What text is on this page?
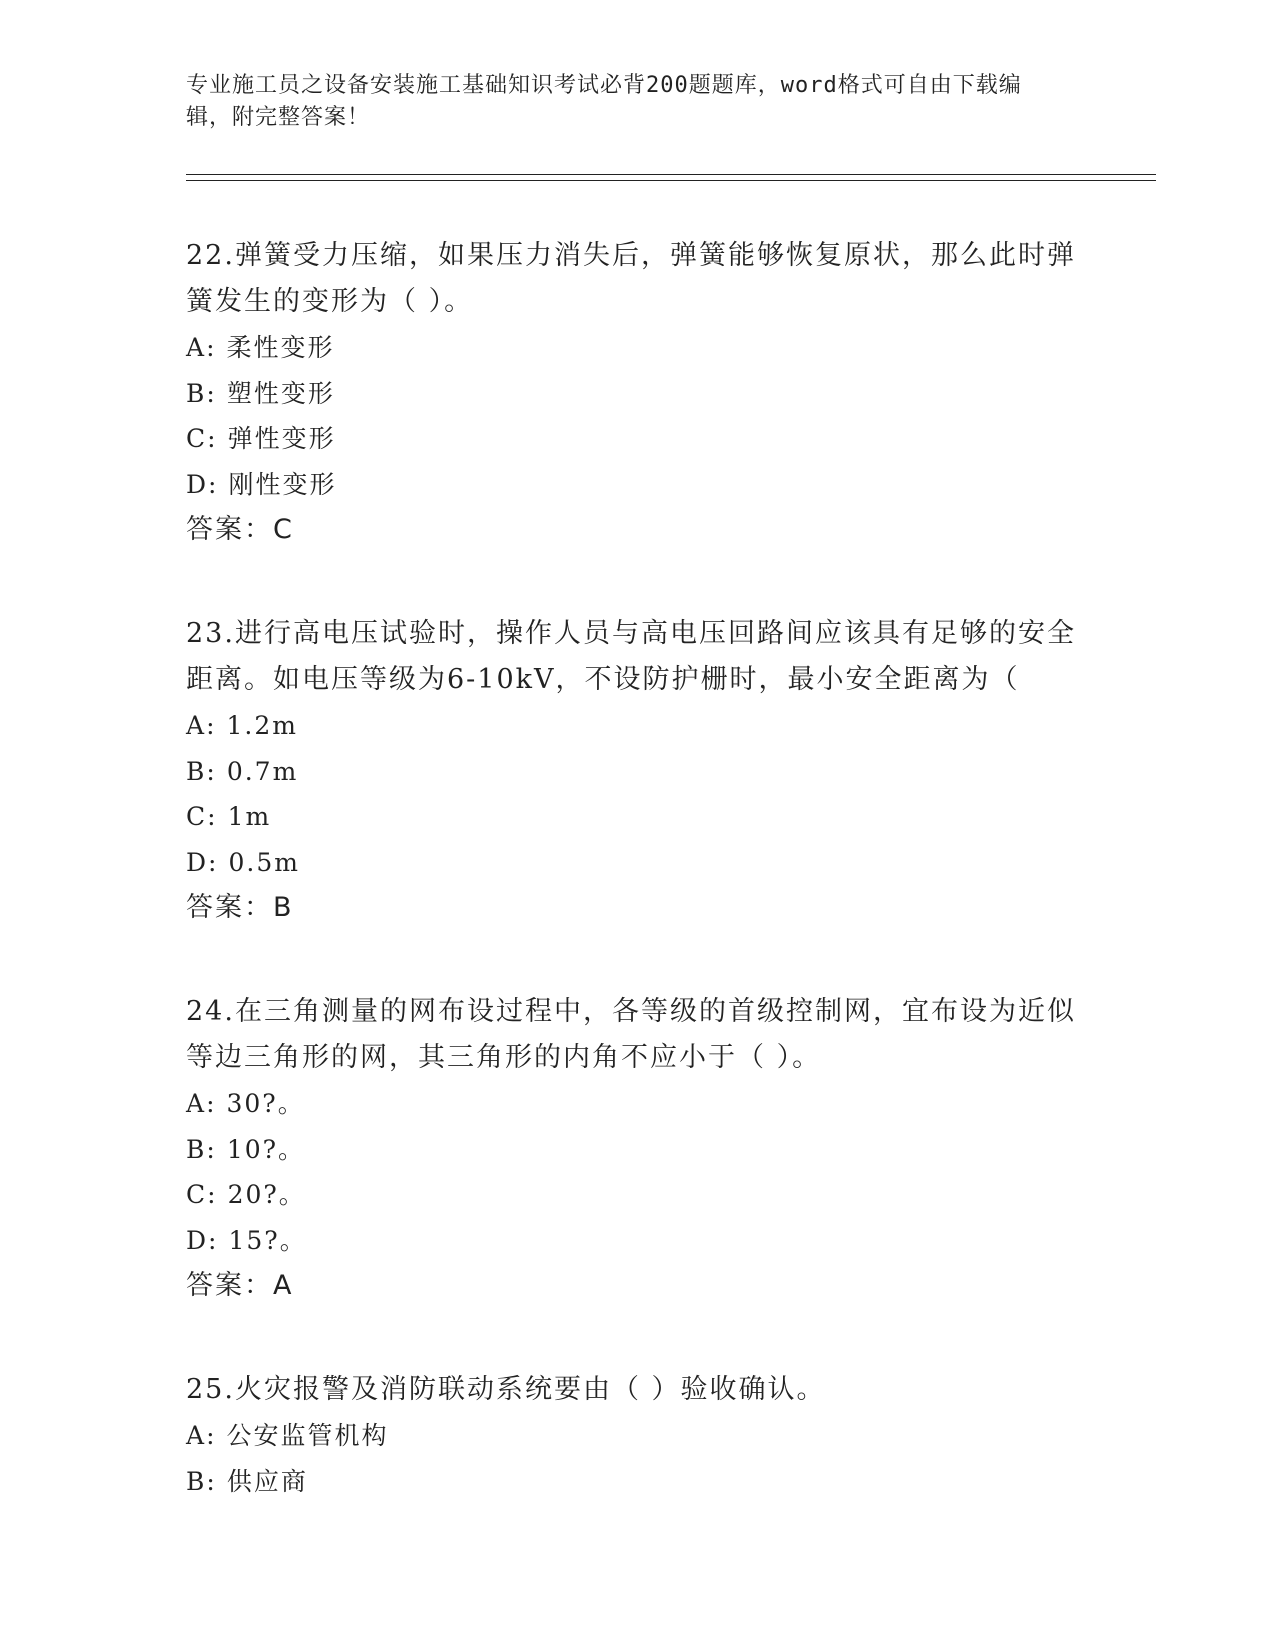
专业施工员之设备安装施工基础知识考试必背200题题库，word格式可自由下载编辑，附完整答案！
22.弹簧受力压缩，如果压力消失后，弹簧能够恢复原状，那么此时弹簧发生的变形为（ ）。
A: 柔性变形
B: 塑性变形
C: 弹性变形
D: 刚性变形
答案：C
23.进行高电压试验时，操作人员与高电压回路间应该具有足够的安全距离。如电压等级为6-10kV，不设防护栅时，最小安全距离为（
A: 1.2m
B: 0.7m
C: 1m
D: 0.5m
答案：B
24.在三角测量的网布设过程中，各等级的首级控制网，宜布设为近似等边三角形的网，其三角形的内角不应小于（ ）。
A: 30?。
B: 10?。
C: 20?。
D: 15?。
答案：A
25.火灾报警及消防联动系统要由（ ）验收确认。
A: 公安监管机构
B: 供应商
